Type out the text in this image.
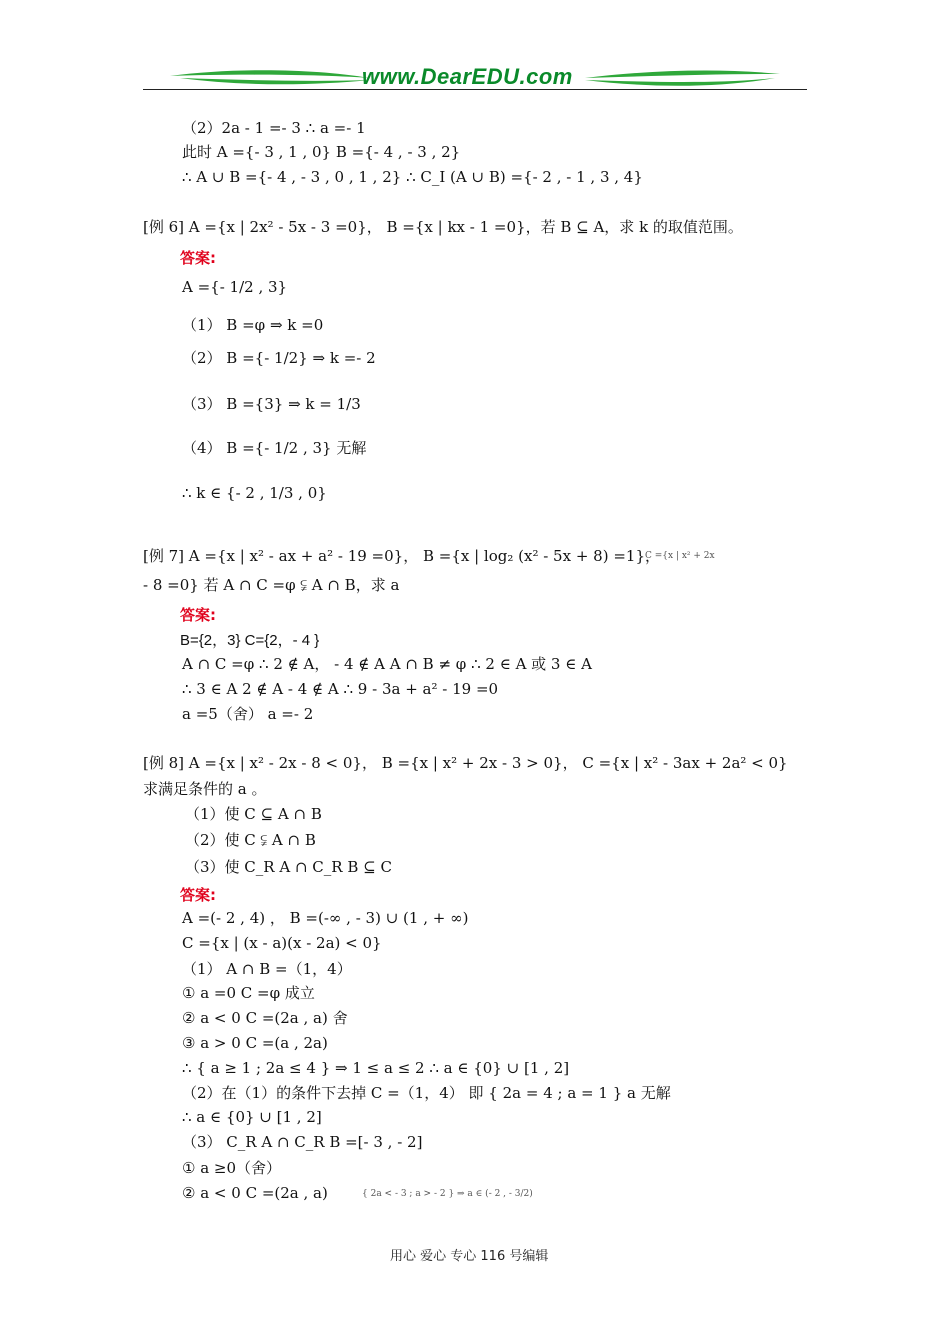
www.DearEDU.com
（2）2a - 1 =- 3 ∴ a =- 1
此时 A ={- 3 , 1 , 0} B ={- 4 , - 3 , 2}
∴ A ∪ B ={- 4 , - 3 , 0 , 1 , 2} ∴ C_I (A ∪ B) ={- 2 , - 1 , 3 , 4}
[例 6] A ={x | 2x² - 5x - 3 =0}， B ={x | kx - 1 =0}，若 B ⊆ A，求 k 的取值范围。
答案:
A ={- 1/2 , 3}
（1） B =φ ⇒ k =0
（2） B ={- 1/2} ⇒ k =- 2
（3） B ={3} ⇒ k = 1/3
（4） B ={- 1/2 , 3} 无解
∴ k ∈ {- 2 , 1/3 , 0}
[例 7] A ={x | x² - ax + a² - 19 =0}， B ={x | log₂ (x² - 5x + 8) =1}，
C ={x | x² + 2x
- 8 =0} 若 A ∩ C =φ ⫋ A ∩ B，求 a
答案:
B={2，3} C={2，- 4 }
A ∩ C =φ ∴ 2 ∉ A， - 4 ∉ A A ∩ B ≠ φ ∴ 2 ∈ A 或 3 ∈ A
∴ 3 ∈ A 2 ∉ A - 4 ∉ A ∴ 9 - 3a + a² - 19 =0
a =5（舍） a =- 2
[例 8] A ={x | x² - 2x - 8 < 0}， B ={x | x² + 2x - 3 > 0}， C ={x | x² - 3ax + 2a² < 0}
求满足条件的 a 。
（1）使 C ⊆ A ∩ B
（2）使 C ⫋ A ∩ B
（3）使 C_R A ∩ C_R B ⊆ C
答案:
A =(- 2 , 4) ， B =(-∞ , - 3) ∪ (1 , + ∞)
C ={x | (x - a)(x - 2a) < 0}
（1） A ∩ B =（1，4）
① a =0 C =φ 成立
② a < 0 C =(2a , a) 舍
③ a > 0 C =(a , 2a)
∴ { a ≥ 1 ; 2a ≤ 4 } ⇒ 1 ≤ a ≤ 2 ∴ a ∈ {0} ∪ [1 , 2]
（2）在（1）的条件下去掉 C =（1，4） 即 { 2a = 4 ; a = 1 } a 无解
∴ a ∈ {0} ∪ [1 , 2]
（3） C_R A ∩ C_R B =[- 3 , - 2]
① a ≥0（舍）
② a < 0 C =(2a , a)	{ 2a < - 3 ; a > - 2 } ⇒ a ∈ (- 2 , - 3/2)
用心 爱心 专心 116 号编辑
